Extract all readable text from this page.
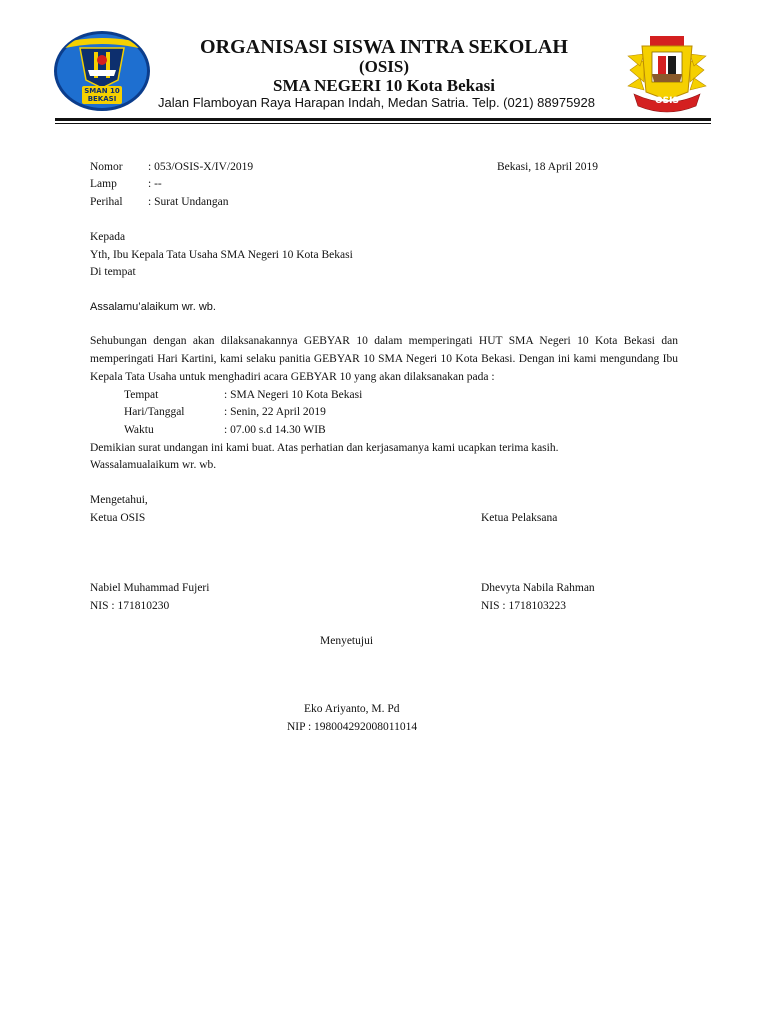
SMAN 10
BEKASI	OSIS
ORGANISASI SISWA INTRA SEKOLAH
(OSIS)
SMA NEGERI 10 Kota Bekasi
Jalan Flamboyan Raya Harapan Indah, Medan Satria. Telp. (021) 88975928
Nomor : 053/OSIS-X/IV/2019	Bekasi, 18 April 2019
Lamp	: --
Perihal : Surat Undangan
Kepada
Yth, Ibu Kepala Tata Usaha SMA Negeri 10 Kota Bekasi
Di tempat
Assalamu’alaikum wr. wb.
Sehubungan dengan akan dilaksanakannya GEBYAR 10 dalam memperingati HUT SMA Negeri 10 Kota Bekasi dan memperingati Hari Kartini, kami selaku panitia GEBYAR 10 SMA Negeri 10 Kota Bekasi. Dengan ini kami mengundang Ibu Kepala Tata Usaha untuk menghadiri acara GEBYAR 10 yang akan dilaksanakan pada :
Tempat	: SMA Negeri 10 Kota Bekasi
Hari/Tanggal	: Senin, 22 April 2019
Waktu	: 07.00 s.d 14.30 WIB
Demikian surat undangan ini kami buat. Atas perhatian dan kerjasamanya kami ucapkan terima kasih.
Wassalamualaikum wr. wb.
Mengetahui,
Ketua OSIS	Ketua Pelaksana
Nabiel Muhammad Fujeri	Dhevyta Nabila Rahman
NIS : 171810230	NIS : 1718103223
Menyetujui
Eko Ariyanto, M. Pd
NIP : 198004292008011014
